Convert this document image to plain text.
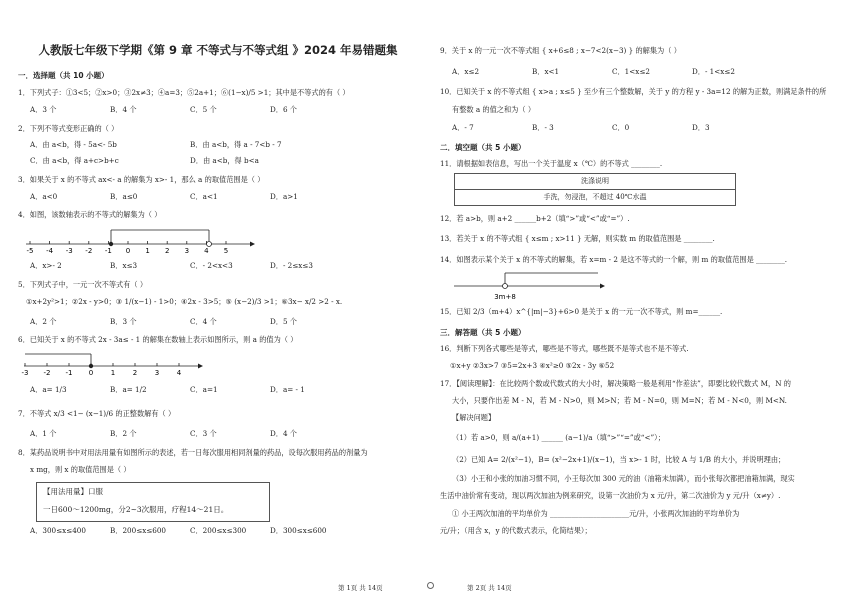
人教版七年级下学期《第 9 章 不等式与不等式组 》2024 年易错题集
一．选择题（共 10 小题）
1．下列式子：①3<5；②x>0；③2x≠3；④a=3；⑤2a+1；⑥(1−x)/5 >1；其中是不等式的有（ ）
A．3 个	B．4 个	C．5 个	D．6 个
2．下列不等式变形正确的（ ）
A．由 a<b，得 - 5a<- 5b	B．由 a<b，得 a - 7<b - 7
C．由 a<b，得 a+c>b+c	D．由 a<b，得 b<a
3．如果关于 x 的不等式 ax<- a 的解集为 x>- 1，那么 a 的取值范围是（ ）
A．a<0	B．a≤0	C．a<1	D．a>1
4．如图，该数轴表示的不等式的解集为（ ）
-5 -4 -3 -2 -1 0 1 2 3 4 5
A．x>- 2	B．x≤3	C．- 2<x<3	D．- 2≤x≤3
5．下列式子中，一元一次不等式有（ ）
①x+2y²>1；②2x - y>0；③ 1/(x−1) - 1>0；④2x - 3>5；⑤ (x−2)/3 >1；⑥3x− x/2 >2 - x.
A．2 个	B．3 个	C．4 个	D．5 个
6．已知关于 x 的不等式 2x - 3a≤ - 1 的解集在数轴上表示如图所示，则 a 的值为（ ）
-3 -2 -1 0	1	2	3	4
A．a= 1/3	B．a= 1/2	C．a=1	D．a= - 1
7．不等式 x/3 <1− (x−1)/6 的正整数解有（ ）
A．1 个	B．2 个	C．3 个	D．4 个
8．某药品说明书中对用法用量有如图所示的表述，若一日每次服用相同剂量的药品，设每次服用药品的剂量为
x mg，则 x 的取值范围是（ ）
【用法用量】口服
一日600～1200mg，分2~3次服用，疗程14～21日。
A．300≤x≤400	B．200≤x≤600	C．200≤x≤300	D．300≤x≤600
9．关于 x 的一元一次不等式组 { x+6≤8 ; x−7<2(x−3) } 的解集为（ ）
A．x≤2	B．x<1	C．1<x≤2	D．- 1<x≤2
10．已知关于 x 的不等式组 { x>a ; x≤5 } 至少有三个整数解，关于 y 的方程 y - 3a=12 的解为正数，则满足条件的所
有整数 a 的值之和为（ ）
A．- 7	B．- 3	C．0	D．3
二．填空题（共 5 小题）
11．请根据如表信息，写出一个关于温度 x（℃）的不等式 ________.
洗涤说明
手洗，勿浸泡，不超过 40℃水温
12．若 a>b，则 a+2 ______b+2（填“>”或“<”或“=”）.
13．若关于 x 的不等式组 { x≤m ; x>11 } 无解，则实数 m 的取值范围是 ________.
14．如图表示某个关于 x 的不等式的解集，若 x=m - 2 是这不等式的一个解，则 m 的取值范围是 ________.
3m+8
15．已知 2/3（m+4）x^{|m|−3}+6>0 是关于 x 的一元一次不等式，则 m=______.
三．解答题（共 5 小题）
16．判断下列各式哪些是等式，哪些是不等式，哪些既不是等式也不是不等式.
①x+y ②3x>7 ③5=2x+3 ④x²≥0 ⑤2x - 3y ⑥52
17．【阅读理解】：在比较两个数或代数式的大小时，解决策略一般是利用“作差法”，即要比较代数式 M，N 的
大小，只要作出差 M - N，若 M - N>0，则 M>N；若 M - N=0，则 M=N；若 M - N<0，则 M<N.
【解决问题】
（1）若 a>0，则 a/(a+1) ______ (a−1)/a（填“>”“=”或“<”）；
（2）已知 A= 2/(x²−1)，B= (x²−2x+1)/(x−1)，当 x>- 1 时，比较 A 与 1/B 的大小，并说明理由；
（3）小王和小张的加油习惯不同，小王每次加 300 元的油（油箱未加满），而小张每次都把油箱加满，现实
生活中油价常有变动，现以两次加油为例来研究，设第一次油价为 x 元/升，第二次油价为 y 元/升（x≠y）.
① 小王两次加油的平均单价为 ______________________元/升，小张两次加油的平均单价为
元/升；（用含 x，y 的代数式表示，化简结果）；
第 1页 共 14页	第 2页 共 14页
